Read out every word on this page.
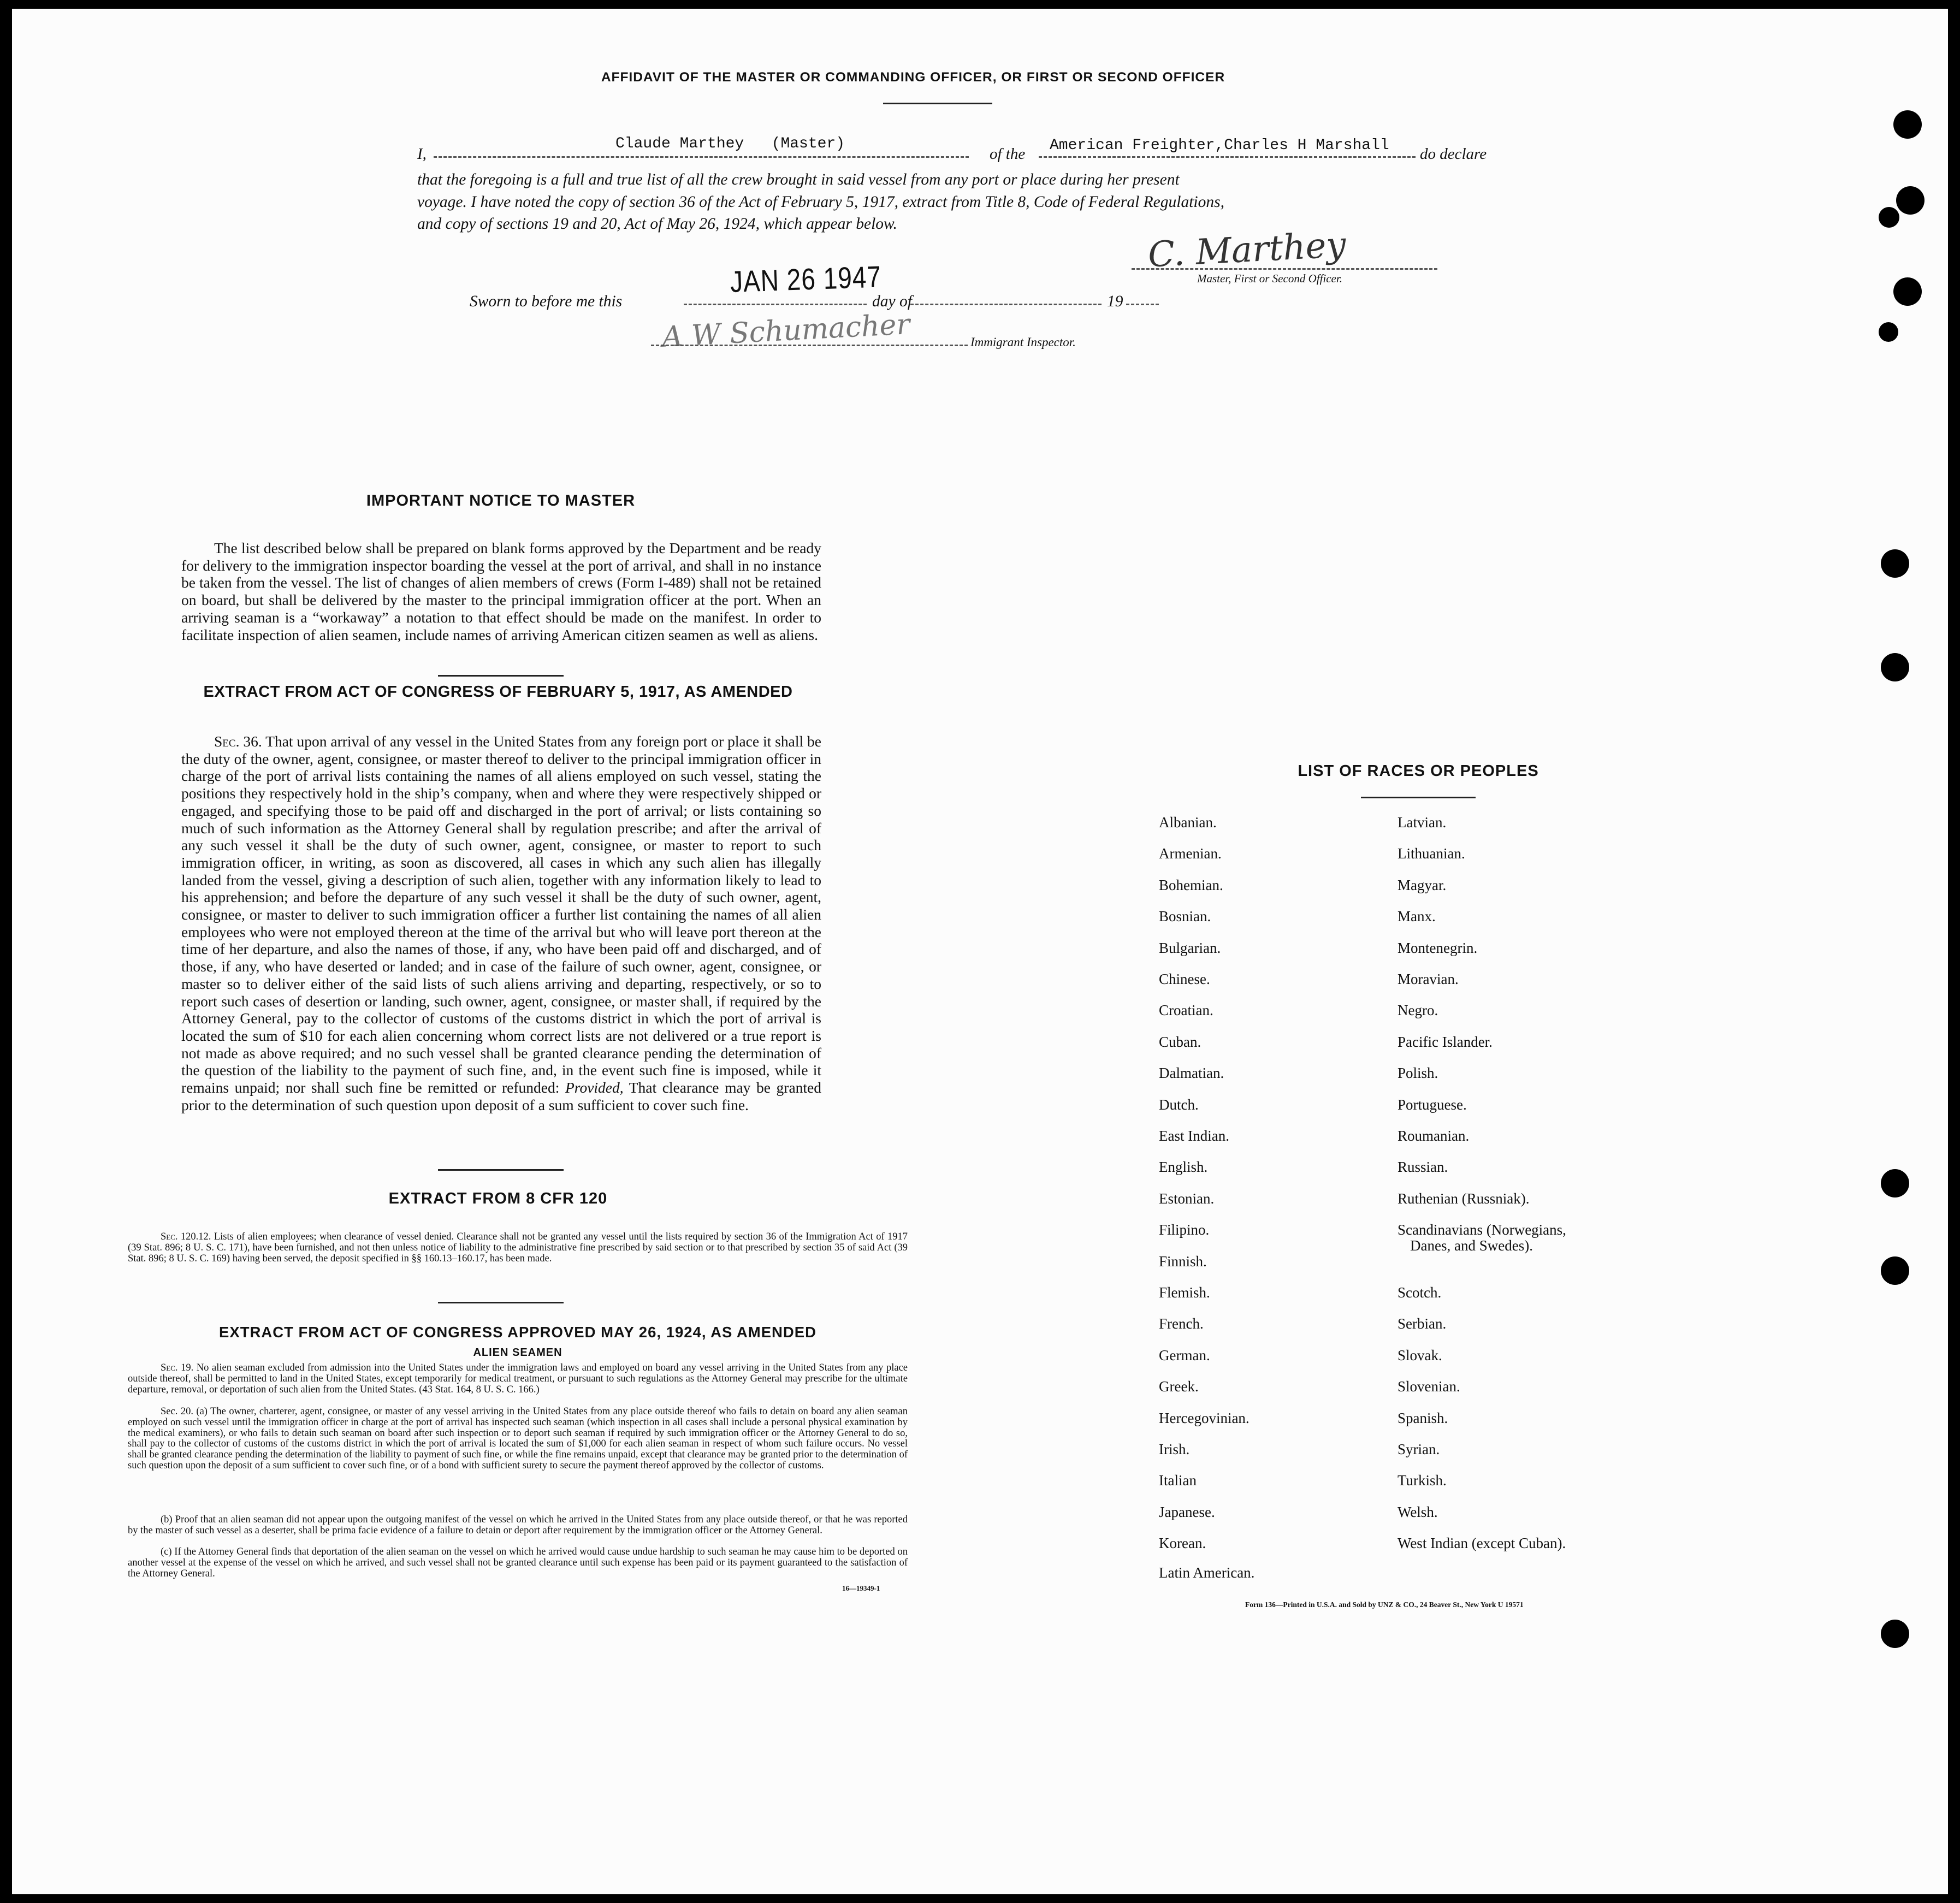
AFFIDAVIT OF THE MASTER OR COMMANDING OFFICER, OR FIRST OR SECOND OFFICER
I,
Claude Marthey   (Master)
of the American Freighter,Charles H Marshall do declare
that the foregoing is a full and true list of all the crew brought in said vessel from any port or place during her present
voyage. I have noted the copy of section 36 of the Act of February 5, 1917, extract from Title 8, Code of Federal Regulations,
and copy of sections 19 and 20, Act of May 26, 1924, which appear below.
C. Marthey
Master, First or Second Officer.
Sworn to before me this
JAN 26 1947
day of	19
A W Schumacher	Immigrant Inspector.
IMPORTANT NOTICE TO MASTER
The list described below shall be prepared on blank forms approved by the Department and be ready for delivery to the immigration inspector boarding the vessel at the port of arrival, and shall in no instance be taken from the vessel. The list of changes of alien members of crews (Form I-489) shall not be retained on board, but shall be delivered by the master to the principal immigration officer at the port. When an arriving seaman is a “workaway” a notation to that effect should be made on the manifest. In order to facilitate inspection of alien seamen, include names of arriving American citizen seamen as well as aliens.
EXTRACT FROM ACT OF CONGRESS OF FEBRUARY 5, 1917, AS AMENDED
Sec. 36. That upon arrival of any vessel in the United States from any foreign port or place it shall be the duty of the owner, agent, consignee, or master thereof to deliver to the principal immigration officer in charge of the port of arrival lists containing the names of all aliens employed on such vessel, stating the positions they respectively hold in the ship’s company, when and where they were respectively shipped or engaged, and specifying those to be paid off and discharged in the port of arrival; or lists containing so much of such information as the Attorney General shall by regulation prescribe; and after the arrival of any such vessel it shall be the duty of such owner, agent, consignee, or master to report to such immigration officer, in writing, as soon as discovered, all cases in which any such alien has illegally landed from the vessel, giving a description of such alien, together with any information likely to lead to his apprehension; and before the departure of any such vessel it shall be the duty of such owner, agent, consignee, or master to deliver to such immigration officer a further list containing the names of all alien employees who were not employed thereon at the time of the arrival but who will leave port thereon at the time of her departure, and also the names of those, if any, who have been paid off and discharged, and of those, if any, who have deserted or landed; and in case of the failure of such owner, agent, consignee, or master so to deliver either of the said lists of such aliens arriving and departing, respectively, or so to report such cases of desertion or landing, such owner, agent, consignee, or master shall, if required by the Attorney General, pay to the collector of customs of the customs district in which the port of arrival is located the sum of $10 for each alien concerning whom correct lists are not delivered or a true report is not made as above required; and no such vessel shall be granted clearance pending the determination of the question of the liability to the payment of such fine, and, in the event such fine is imposed, while it remains unpaid; nor shall such fine be remitted or refunded: Provided, That clearance may be granted prior to the determination of such question upon deposit of a sum sufficient to cover such fine.
EXTRACT FROM 8 CFR 120
Sec. 120.12. Lists of alien employees; when clearance of vessel denied. Clearance shall not be granted any vessel until the lists required by section 36 of the Immigration Act of 1917 (39 Stat. 896; 8 U. S. C. 171), have been furnished, and not then unless notice of liability to the administrative fine prescribed by said section or to that prescribed by section 35 of said Act (39 Stat. 896; 8 U. S. C. 169) having been served, the deposit specified in §§ 160.13–160.17, has been made.
EXTRACT FROM ACT OF CONGRESS APPROVED MAY 26, 1924, AS AMENDED
ALIEN SEAMEN
Sec. 19. No alien seaman excluded from admission into the United States under the immigration laws and employed on board any vessel arriving in the United States from any place outside thereof, shall be permitted to land in the United States, except temporarily for medical treatment, or pursuant to such regulations as the Attorney General may prescribe for the ultimate departure, removal, or deportation of such alien from the United States. (43 Stat. 164, 8 U. S. C. 166.)
Sec. 20. (a) The owner, charterer, agent, consignee, or master of any vessel arriving in the United States from any place outside thereof who fails to detain on board any alien seaman employed on such vessel until the immigration officer in charge at the port of arrival has inspected such seaman (which inspection in all cases shall include a personal physical examination by the medical examiners), or who fails to detain such seaman on board after such inspection or to deport such seaman if required by such immigration officer or the Attorney General to do so, shall pay to the collector of customs of the customs district in which the port of arrival is located the sum of $1,000 for each alien seaman in respect of whom such failure occurs. No vessel shall be granted clearance pending the determination of the liability to payment of such fine, or while the fine remains unpaid, except that clearance may be granted prior to the determination of such question upon the deposit of a sum sufficient to cover such fine, or of a bond with sufficient surety to secure the payment thereof approved by the collector of customs.
(b) Proof that an alien seaman did not appear upon the outgoing manifest of the vessel on which he arrived in the United States from any place outside thereof, or that he was reported by the master of such vessel as a deserter, shall be prima facie evidence of a failure to detain or deport after requirement by the immigration officer or the Attorney General.
(c) If the Attorney General finds that deportation of the alien seaman on the vessel on which he arrived would cause undue hardship to such seaman he may cause him to be deported on another vessel at the expense of the vessel on which he arrived, and such vessel shall not be granted clearance until such expense has been paid or its payment guaranteed to the satisfaction of the Attorney General.
16—19349-1
LIST OF RACES OR PEOPLES
Albanian.
Armenian.
Bohemian.
Bosnian.
Bulgarian.
Chinese.
Croatian.
Cuban.
Dalmatian.
Dutch.
East Indian.
English.
Estonian.
Filipino.
Finnish.
Flemish.
French.
German.
Greek.
Hercegovinian.
Irish.
Italian
Japanese.
Korean.
Latin American.
Latvian.
Lithuanian.
Magyar.
Manx.
Montenegrin.
Moravian.
Negro.
Pacific Islander.
Polish.
Portuguese.
Roumanian.
Russian.
Ruthenian (Russniak).
Scandinavians (Norwegians,
Danes, and Swedes).
Scotch.
Serbian.
Slovak.
Slovenian.
Spanish.
Syrian.
Turkish.
Welsh.
West Indian (except Cuban).
Form 136—Printed in U.S.A. and Sold by UNZ & CO., 24 Beaver St., New York U 19571
